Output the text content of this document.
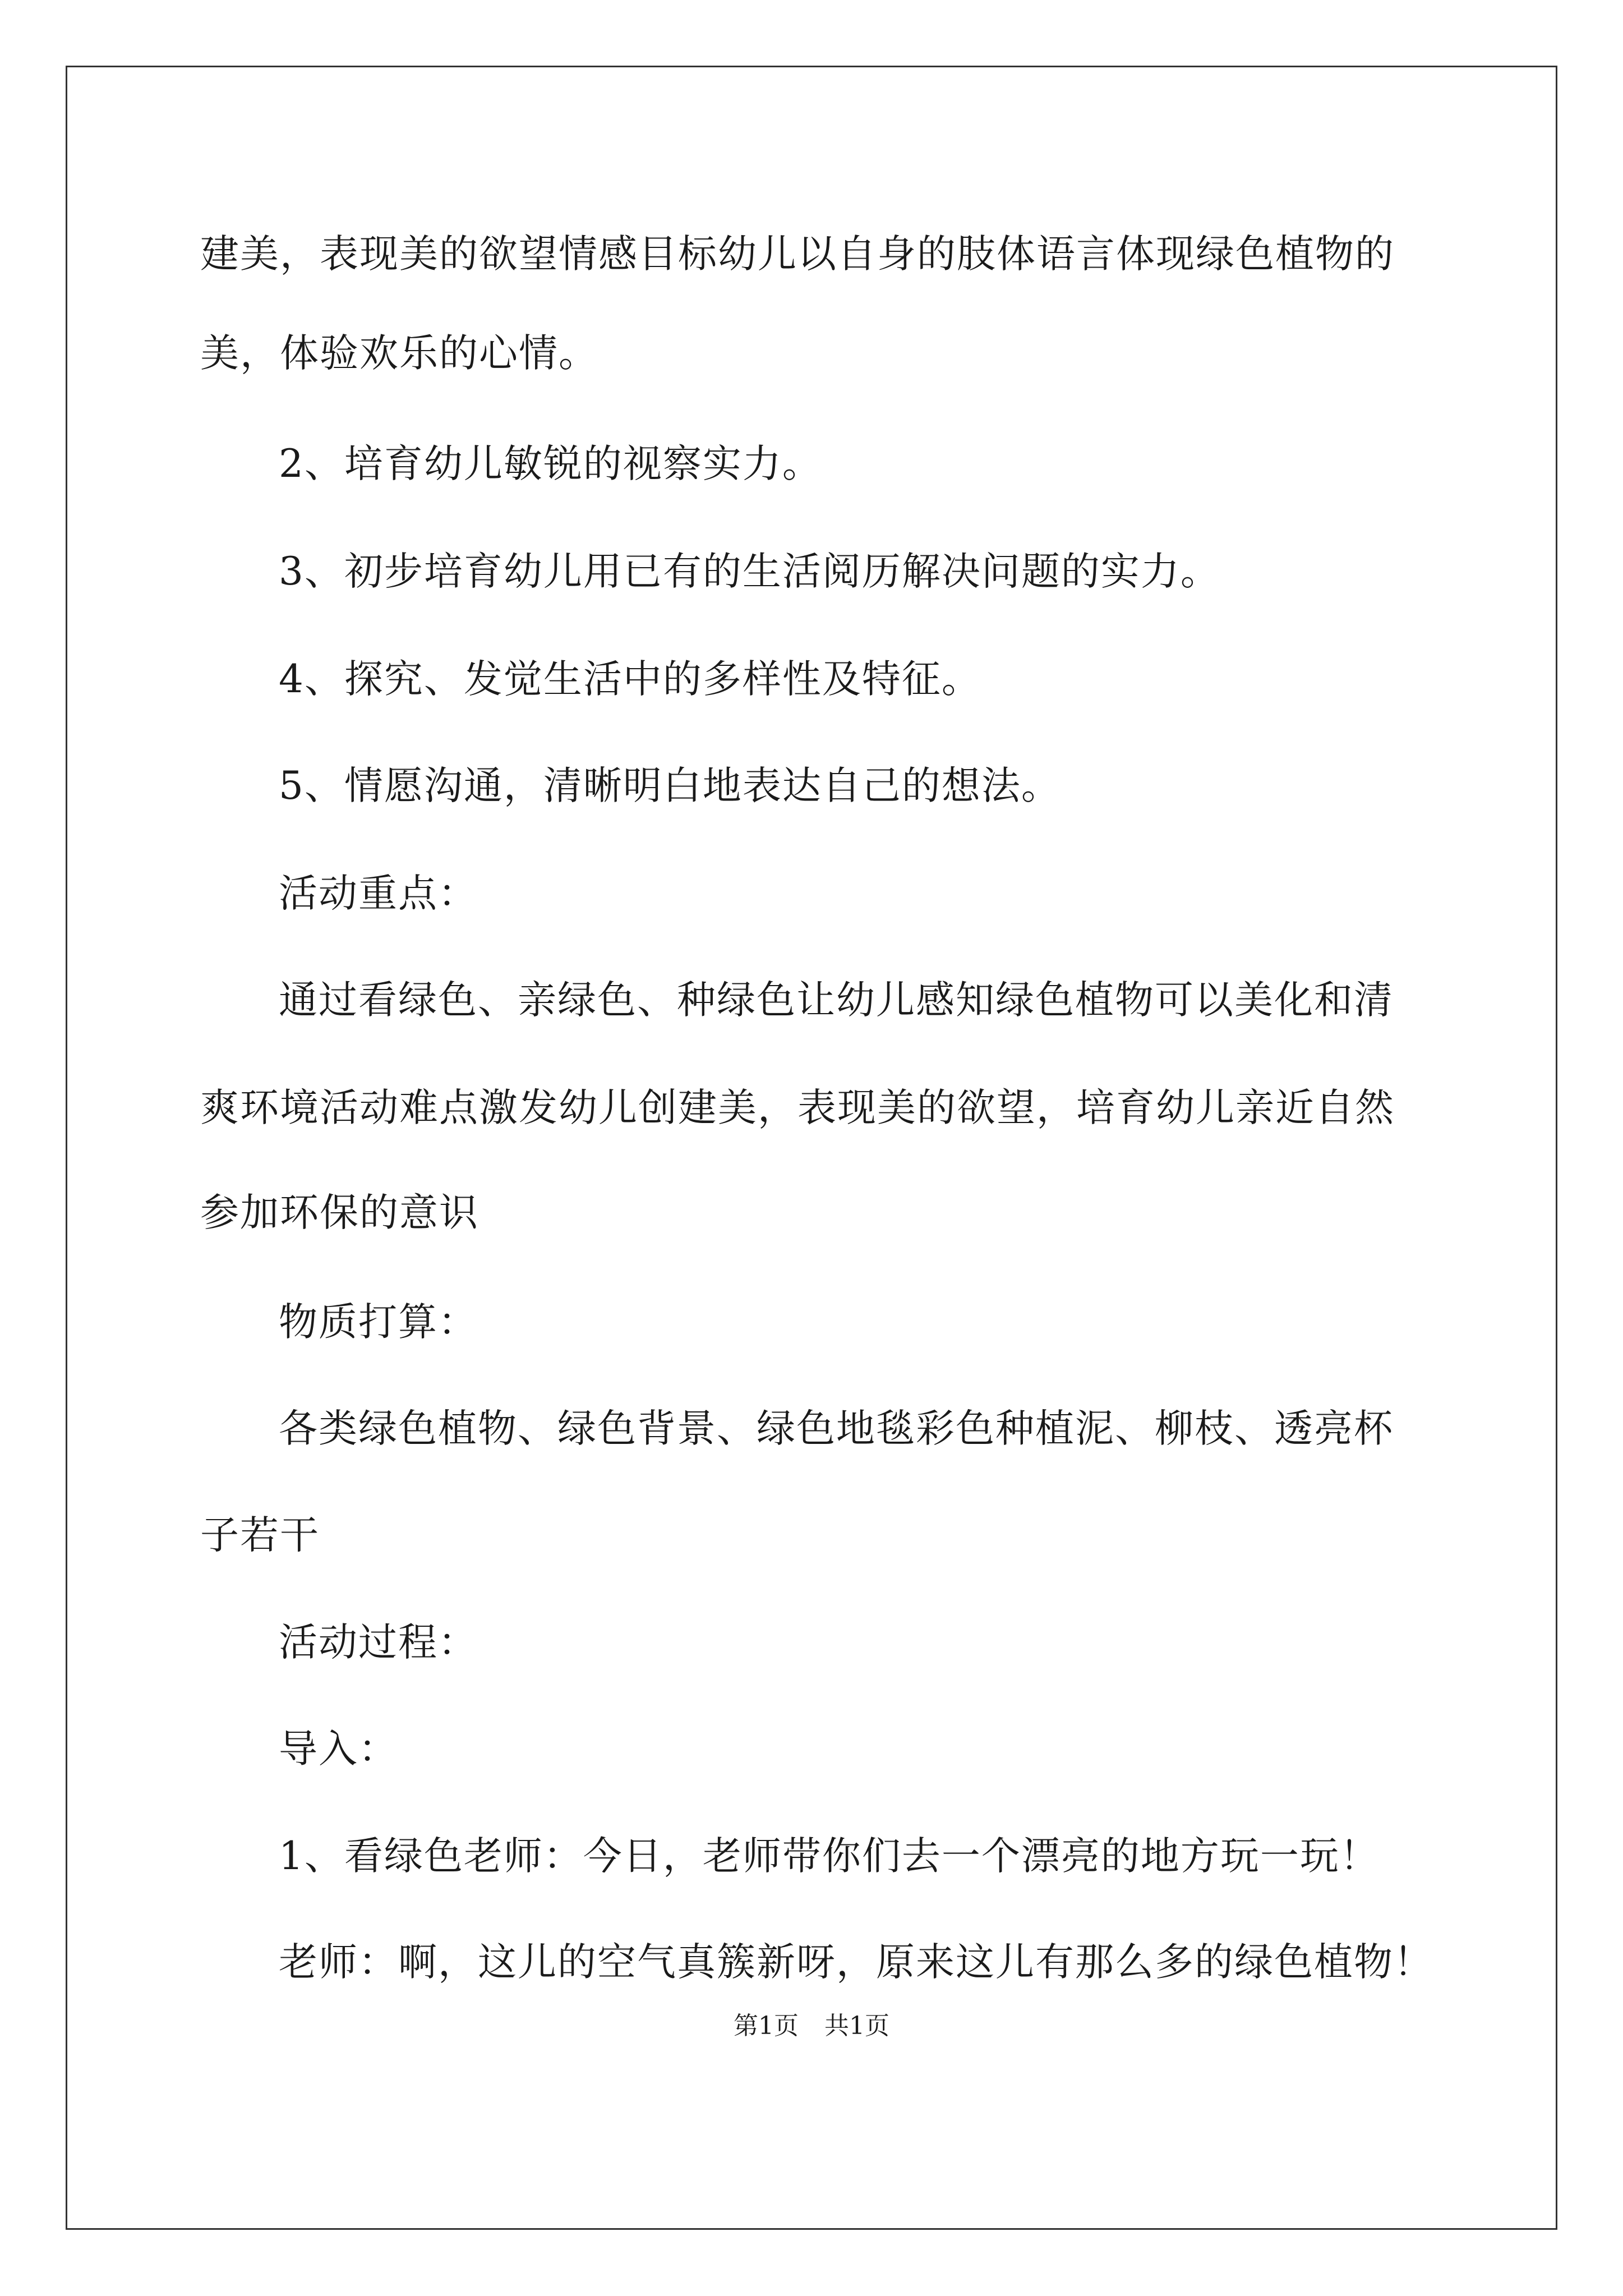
建美，表现美的欲望情感目标幼儿以自身的肢体语言体现绿色植物的
美，体验欢乐的心情。
2、培育幼儿敏锐的视察实力。
3、初步培育幼儿用已有的生活阅历解决问题的实力。
4、探究、发觉生活中的多样性及特征。
5、情愿沟通，清晰明白地表达自己的想法。
活动重点：
通过看绿色、亲绿色、种绿色让幼儿感知绿色植物可以美化和清
爽环境活动难点激发幼儿创建美，表现美的欲望，培育幼儿亲近自然
参加环保的意识
物质打算：
各类绿色植物、绿色背景、绿色地毯彩色种植泥、柳枝、透亮杯
子若干
活动过程：
导入：
1、看绿色老师：今日，老师带你们去一个漂亮的地方玩一玩！
老师：啊，这儿的空气真簇新呀，原来这儿有那么多的绿色植物！
第1页 共1页
